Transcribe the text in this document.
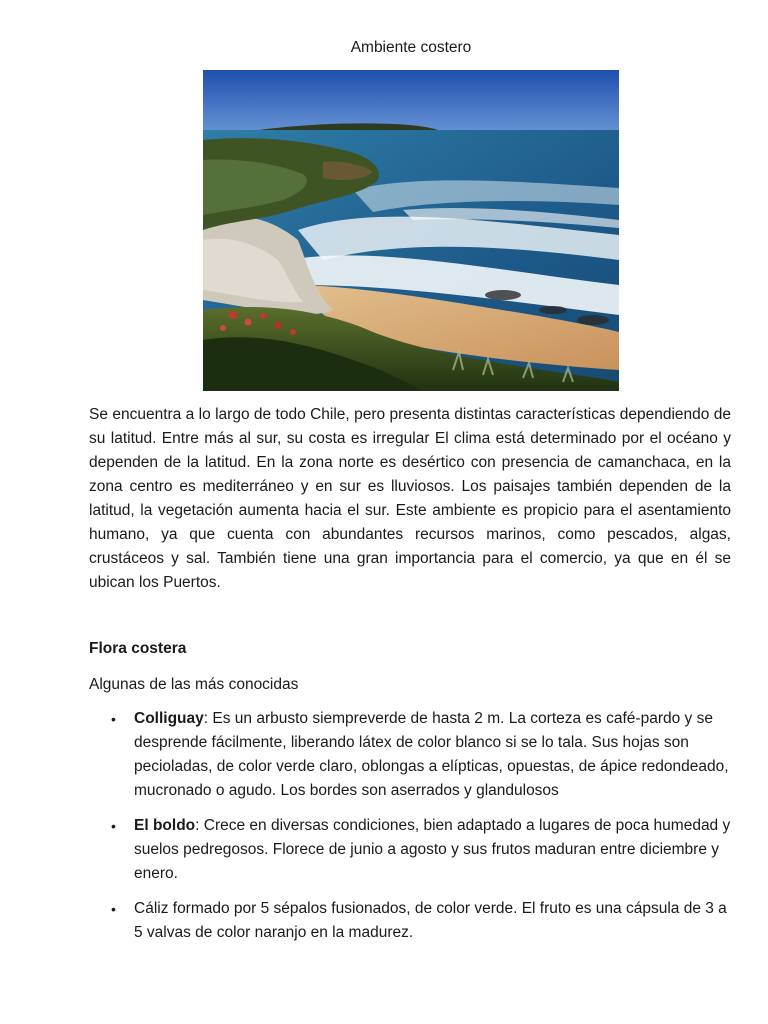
Ambiente costero

Se encuentra a lo largo de todo Chile, pero presenta distintas características dependiendo de su latitud. Entre más al sur, su costa es irregular El clima está determinado por el océano y dependen de la latitud. En la zona norte es desértico con presencia de camanchaca, en la zona centro es mediterráneo y en sur es lluviosos. Los paisajes también dependen de la latitud, la vegetación aumenta hacia el sur. Este ambiente es propicio para el asentamiento humano, ya que cuenta con abundantes recursos marinos, como pescados, algas, crustáceos y sal. También tiene una gran importancia para el comercio, ya que en él se ubican los Puertos.

Flora costera

Algunas de las más conocidas

• Colliguay: Es un arbusto siempreverde de hasta 2 m. La corteza es café-pardo y se desprende fácilmente, liberando látex de color blanco si se lo tala. Sus hojas son pecioladas, de color verde claro, oblongas a elípticas, opuestas, de ápice redondeado, mucronado o agudo. Los bordes son aserrados y glandulosos
• El boldo: Crece en diversas condiciones, bien adaptado a lugares de poca humedad y suelos pedregosos. Florece de junio a agosto y sus frutos maduran entre diciembre y enero.
• Cáliz formado por 5 sépalos fusionados, de color verde. El fruto es una cápsula de 3 a 5 valvas de color naranjo en la madurez.
